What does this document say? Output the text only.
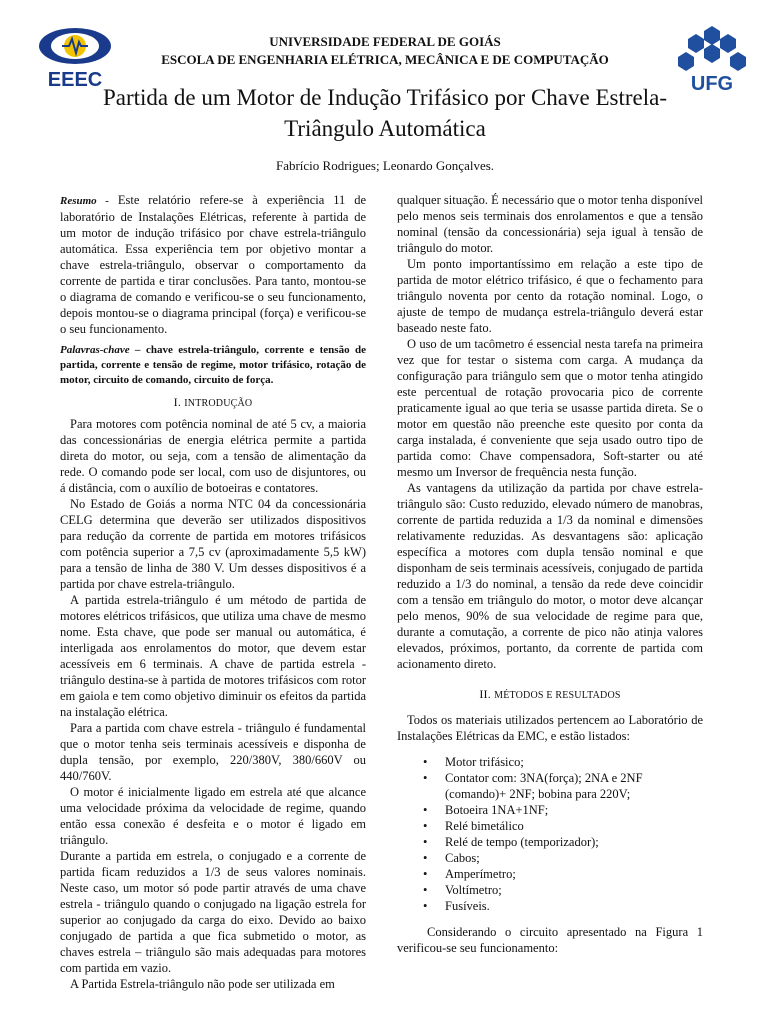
EEEC
UNIVERSIDADE FEDERAL DE GOIÁS
ESCOLA DE ENGENHARIA ELÉTRICA, MECÂNICA E DE COMPUTAÇÃO
UFG
Partida de um Motor de Indução Trifásico por Chave Estrela-Triângulo Automática
Fabrício Rodrigues; Leonardo Gonçalves.
Resumo - Este relatório refere-se à experiência 11 de laboratório de Instalações Elétricas, referente à partida de um motor de indução trifásico por chave estrela-triângulo automática. Essa experiência tem por objetivo montar a chave estrela-triângulo, observar o comportamento da corrente de partida e tirar conclusões. Para tanto, montou-se o diagrama de comando e verificou-se o seu funcionamento, depois montou-se o diagrama principal (força) e verificou-se o seu funcionamento.
Palavras-chave – chave estrela-triângulo, corrente e tensão de partida, corrente e tensão de regime, motor trifásico, rotação de motor, circuito de comando, circuito de força.
I. INTRODUÇÃO

Para motores com potência nominal de até 5 cv, a maioria das concessionárias de energia elétrica permite a partida direta do motor, ou seja, com a tensão de alimentação da rede. O comando pode ser local, com uso de disjuntores, ou á distância, com o auxílio de botoeiras e contatores.

No Estado de Goiás a norma NTC 04 da concessionária CELG determina que deverão ser utilizados dispositivos para redução da corrente de partida em motores trifásicos com potência superior a 7,5 cv (aproximadamente 5,5 kW) para a tensão de linha de 380 V. Um desses dispositivos é a partida por chave estrela-triângulo.

A partida estrela-triângulo é um método de partida de motores elétricos trifásicos, que utiliza uma chave de mesmo nome. Esta chave, que pode ser manual ou automática, é interligada aos enrolamentos do motor, que devem estar acessíveis em 6 terminais. A chave de partida estrela - triângulo destina-se à partida de motores trifásicos com rotor em gaiola e tem como objetivo diminuir os efeitos da partida na instalação elétrica.

Para a partida com chave estrela - triângulo é fundamental que o motor tenha seis terminais acessíveis e disponha de dupla tensão, por exemplo, 220/380V, 380/660V ou 440/760V.

O motor é inicialmente ligado em estrela até que alcance uma velocidade próxima da velocidade de regime, quando então essa conexão é desfeita e o motor é ligado em triângulo.

Durante a partida em estrela, o conjugado e a corrente de partida ficam reduzidos a 1/3 de seus valores nominais. Neste caso, um motor só pode partir através de uma chave estrela - triângulo quando o conjugado na ligação estrela for superior ao conjugado da carga do eixo. Devido ao baixo conjugado de partida a que fica submetido o motor, as chaves estrela – triângulo são mais adequadas para motores com partida em vazio.

A Partida Estrela-triângulo não pode ser utilizada em

qualquer situação. É necessário que o motor tenha disponível pelo menos seis terminais dos enrolamentos e que a tensão nominal (tensão da concessionária) seja igual à tensão de triângulo do motor.

Um ponto importantíssimo em relação a este tipo de partida de motor elétrico trifásico, é que o fechamento para triângulo noventa por cento da rotação nominal. Logo, o ajuste de tempo de mudança estrela-triângulo deverá estar baseado neste fato.

O uso de um tacômetro é essencial nesta tarefa na primeira vez que for testar o sistema com carga. A mudança da configuração para triângulo sem que o motor tenha atingido este percentual de rotação provocaria pico de corrente praticamente igual ao que teria se usasse partida direta. Se o motor em questão não preenche este quesito por conta da carga instalada, é conveniente que seja usado outro tipo de partida como: Chave compensadora, Soft-starter ou até mesmo um Inversor de frequência nesta função.

As vantagens da utilização da partida por chave estrela-triângulo são: Custo reduzido, elevado número de manobras, corrente de partida reduzida a 1/3 da nominal e dimensões relativamente reduzidas. As desvantagens são: aplicação específica a motores com dupla tensão nominal e que disponham de seis terminais acessíveis, conjugado de partida reduzido a 1/3 do nominal, a tensão da rede deve coincidir com a tensão em triângulo do motor, o motor deve alcançar pelo menos, 90% de sua velocidade de regime para que, durante a comutação, a corrente de pico não atinja valores elevados, próximos, portanto, da corrente de partida com acionamento direto.

II. MÉTODOS E RESULTADOS

Todos os materiais utilizados pertencem ao Laboratório de Instalações Elétricas da EMC, e estão listados:

• Motor trifásico;
• Contator com: 3NA(força); 2NA e 2NF (comando)+ 2NF; bobina para 220V;
• Botoeira 1NA+1NF;
• Relé bimetálico
• Relé de tempo (temporizador);
• Cabos;
• Amperímetro;
• Voltímetro;
• Fusíveis.

Considerando o circuito apresentado na Figura 1 verificou-se seu funcionamento:
